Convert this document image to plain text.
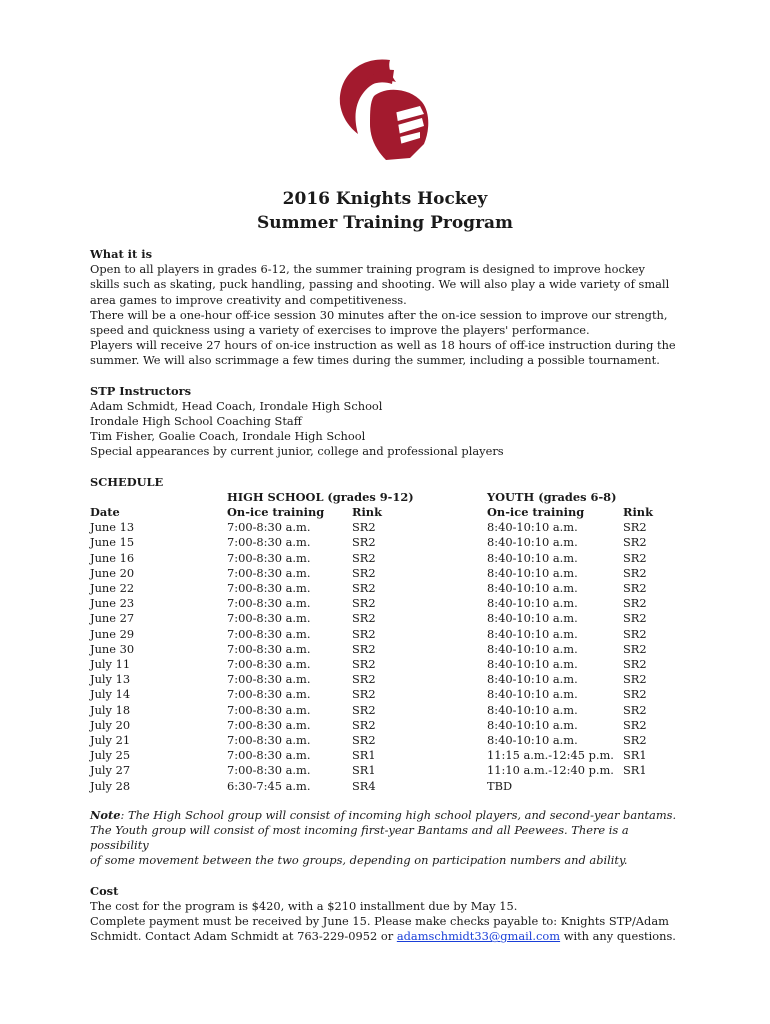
2016 Knights Hockey
Summer Training Program
What it is
Open to all players in grades 6-12, the summer training program is designed to improve hockey
skills such as skating, puck handling, passing and shooting. We will also play a wide variety of small
area games to improve creativity and competitiveness.
There will be a one-hour off-ice session 30 minutes after the on-ice session to improve our strength,
speed and quickness using a variety of exercises to improve the players' performance.
Players will receive 27 hours of on-ice instruction as well as 18 hours of off-ice instruction during the
summer. We will also scrimmage a few times during the summer, including a possible tournament.
STP Instructors
Adam Schmidt, Head Coach, Irondale High School
Irondale High School Coaching Staff
Tim Fisher, Goalie Coach, Irondale High School
Special appearances by current junior, college and professional players
SCHEDULE
HIGH SCHOOL (grades 9-12)	YOUTH (grades 6-8)
Date	On-ice training Rink	On-ice training	Rink
June 13	7:00-8:30 a.m.	SR2	8:40-10:10 a.m.	SR2
June 15	7:00-8:30 a.m.	SR2	8:40-10:10 a.m.	SR2
June 16	7:00-8:30 a.m.	SR2	8:40-10:10 a.m.	SR2
June 20	7:00-8:30 a.m.	SR2	8:40-10:10 a.m.	SR2
June 22	7:00-8:30 a.m.	SR2	8:40-10:10 a.m.	SR2
June 23	7:00-8:30 a.m.	SR2	8:40-10:10 a.m.	SR2
June 27	7:00-8:30 a.m.	SR2	8:40-10:10 a.m.	SR2
June 29	7:00-8:30 a.m.	SR2	8:40-10:10 a.m.	SR2
June 30	7:00-8:30 a.m.	SR2	8:40-10:10 a.m.	SR2
July 11	7:00-8:30 a.m.	SR2	8:40-10:10 a.m.	SR2
July 13	7:00-8:30 a.m.	SR2	8:40-10:10 a.m.	SR2
July 14	7:00-8:30 a.m.	SR2	8:40-10:10 a.m.	SR2
July 18	7:00-8:30 a.m.	SR2	8:40-10:10 a.m.	SR2
July 20	7:00-8:30 a.m.	SR2	8:40-10:10 a.m.	SR2
July 21	7:00-8:30 a.m.	SR2	8:40-10:10 a.m.	SR2
July 25	7:00-8:30 a.m.	SR1	11:15 a.m.-12:45 p.m. SR1
July 27	7:00-8:30 a.m.	SR1	11:10 a.m.-12:40 p.m. SR1
July 28	6:30-7:45 a.m.	SR4	TBD
Note: The High School group will consist of incoming high school players, and second-year bantams.
The Youth group will consist of most incoming first-year Bantams and all Peewees. There is a possibility
of some movement between the two groups, depending on participation numbers and ability.
Cost
The cost for the program is $420, with a $210 installment due by May 15.
Complete payment must be received by June 15. Please make checks payable to: Knights STP/Adam
Schmidt. Contact Adam Schmidt at 763-229-0952 or adamschmidt33@gmail.com with any questions.
